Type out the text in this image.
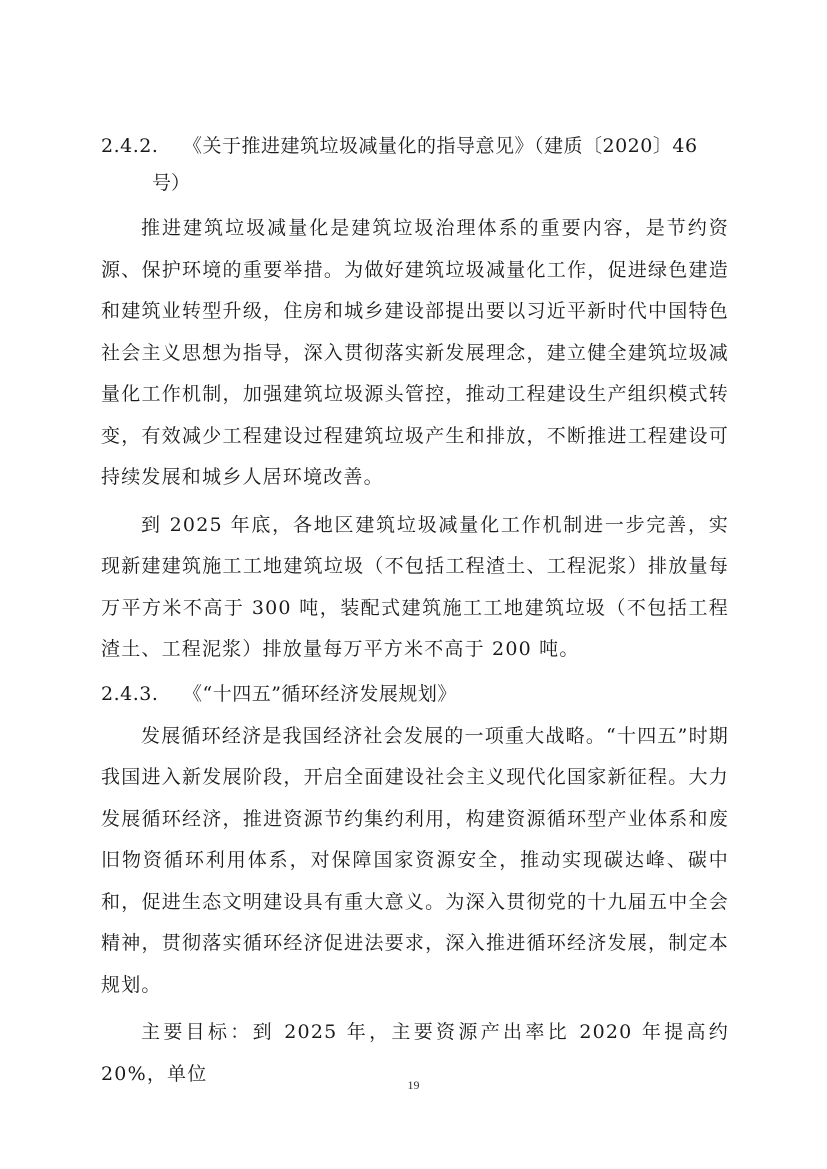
2.4.2. 《关于推进建筑垃圾减量化的指导意见》（建质〔2020〕46

号）

推进建筑垃圾减量化是建筑垃圾治理体系的重要内容，是节约资源、保护环境的重要举措。为做好建筑垃圾减量化工作，促进绿色建造和建筑业转型升级，住房和城乡建设部提出要以习近平新时代中国特色社会主义思想为指导，深入贯彻落实新发展理念，建立健全建筑垃圾减量化工作机制，加强建筑垃圾源头管控，推动工程建设生产组织模式转变，有效减少工程建设过程建筑垃圾产生和排放，不断推进工程建设可持续发展和城乡人居环境改善。

到 2025 年底，各地区建筑垃圾减量化工作机制进一步完善，实现新建建筑施工工地建筑垃圾（不包括工程渣土、工程泥浆）排放量每万平方米不高于 300 吨，装配式建筑施工工地建筑垃圾（不包括工程渣土、工程泥浆）排放量每万平方米不高于 200 吨。

2.4.3. 《“十四五”循环经济发展规划》

发展循环经济是我国经济社会发展的一项重大战略。“十四五”时期我国进入新发展阶段，开启全面建设社会主义现代化国家新征程。大力发展循环经济，推进资源节约集约利用，构建资源循环型产业体系和废旧物资循环利用体系，对保障国家资源安全，推动实现碳达峰、碳中和，促进生态文明建设具有重大意义。为深入贯彻党的十九届五中全会精神，贯彻落实循环经济促进法要求，深入推进循环经济发展，制定本规划。

主要目标：到 2025 年，主要资源产出率比 2020 年提高约 20%，单位

19
